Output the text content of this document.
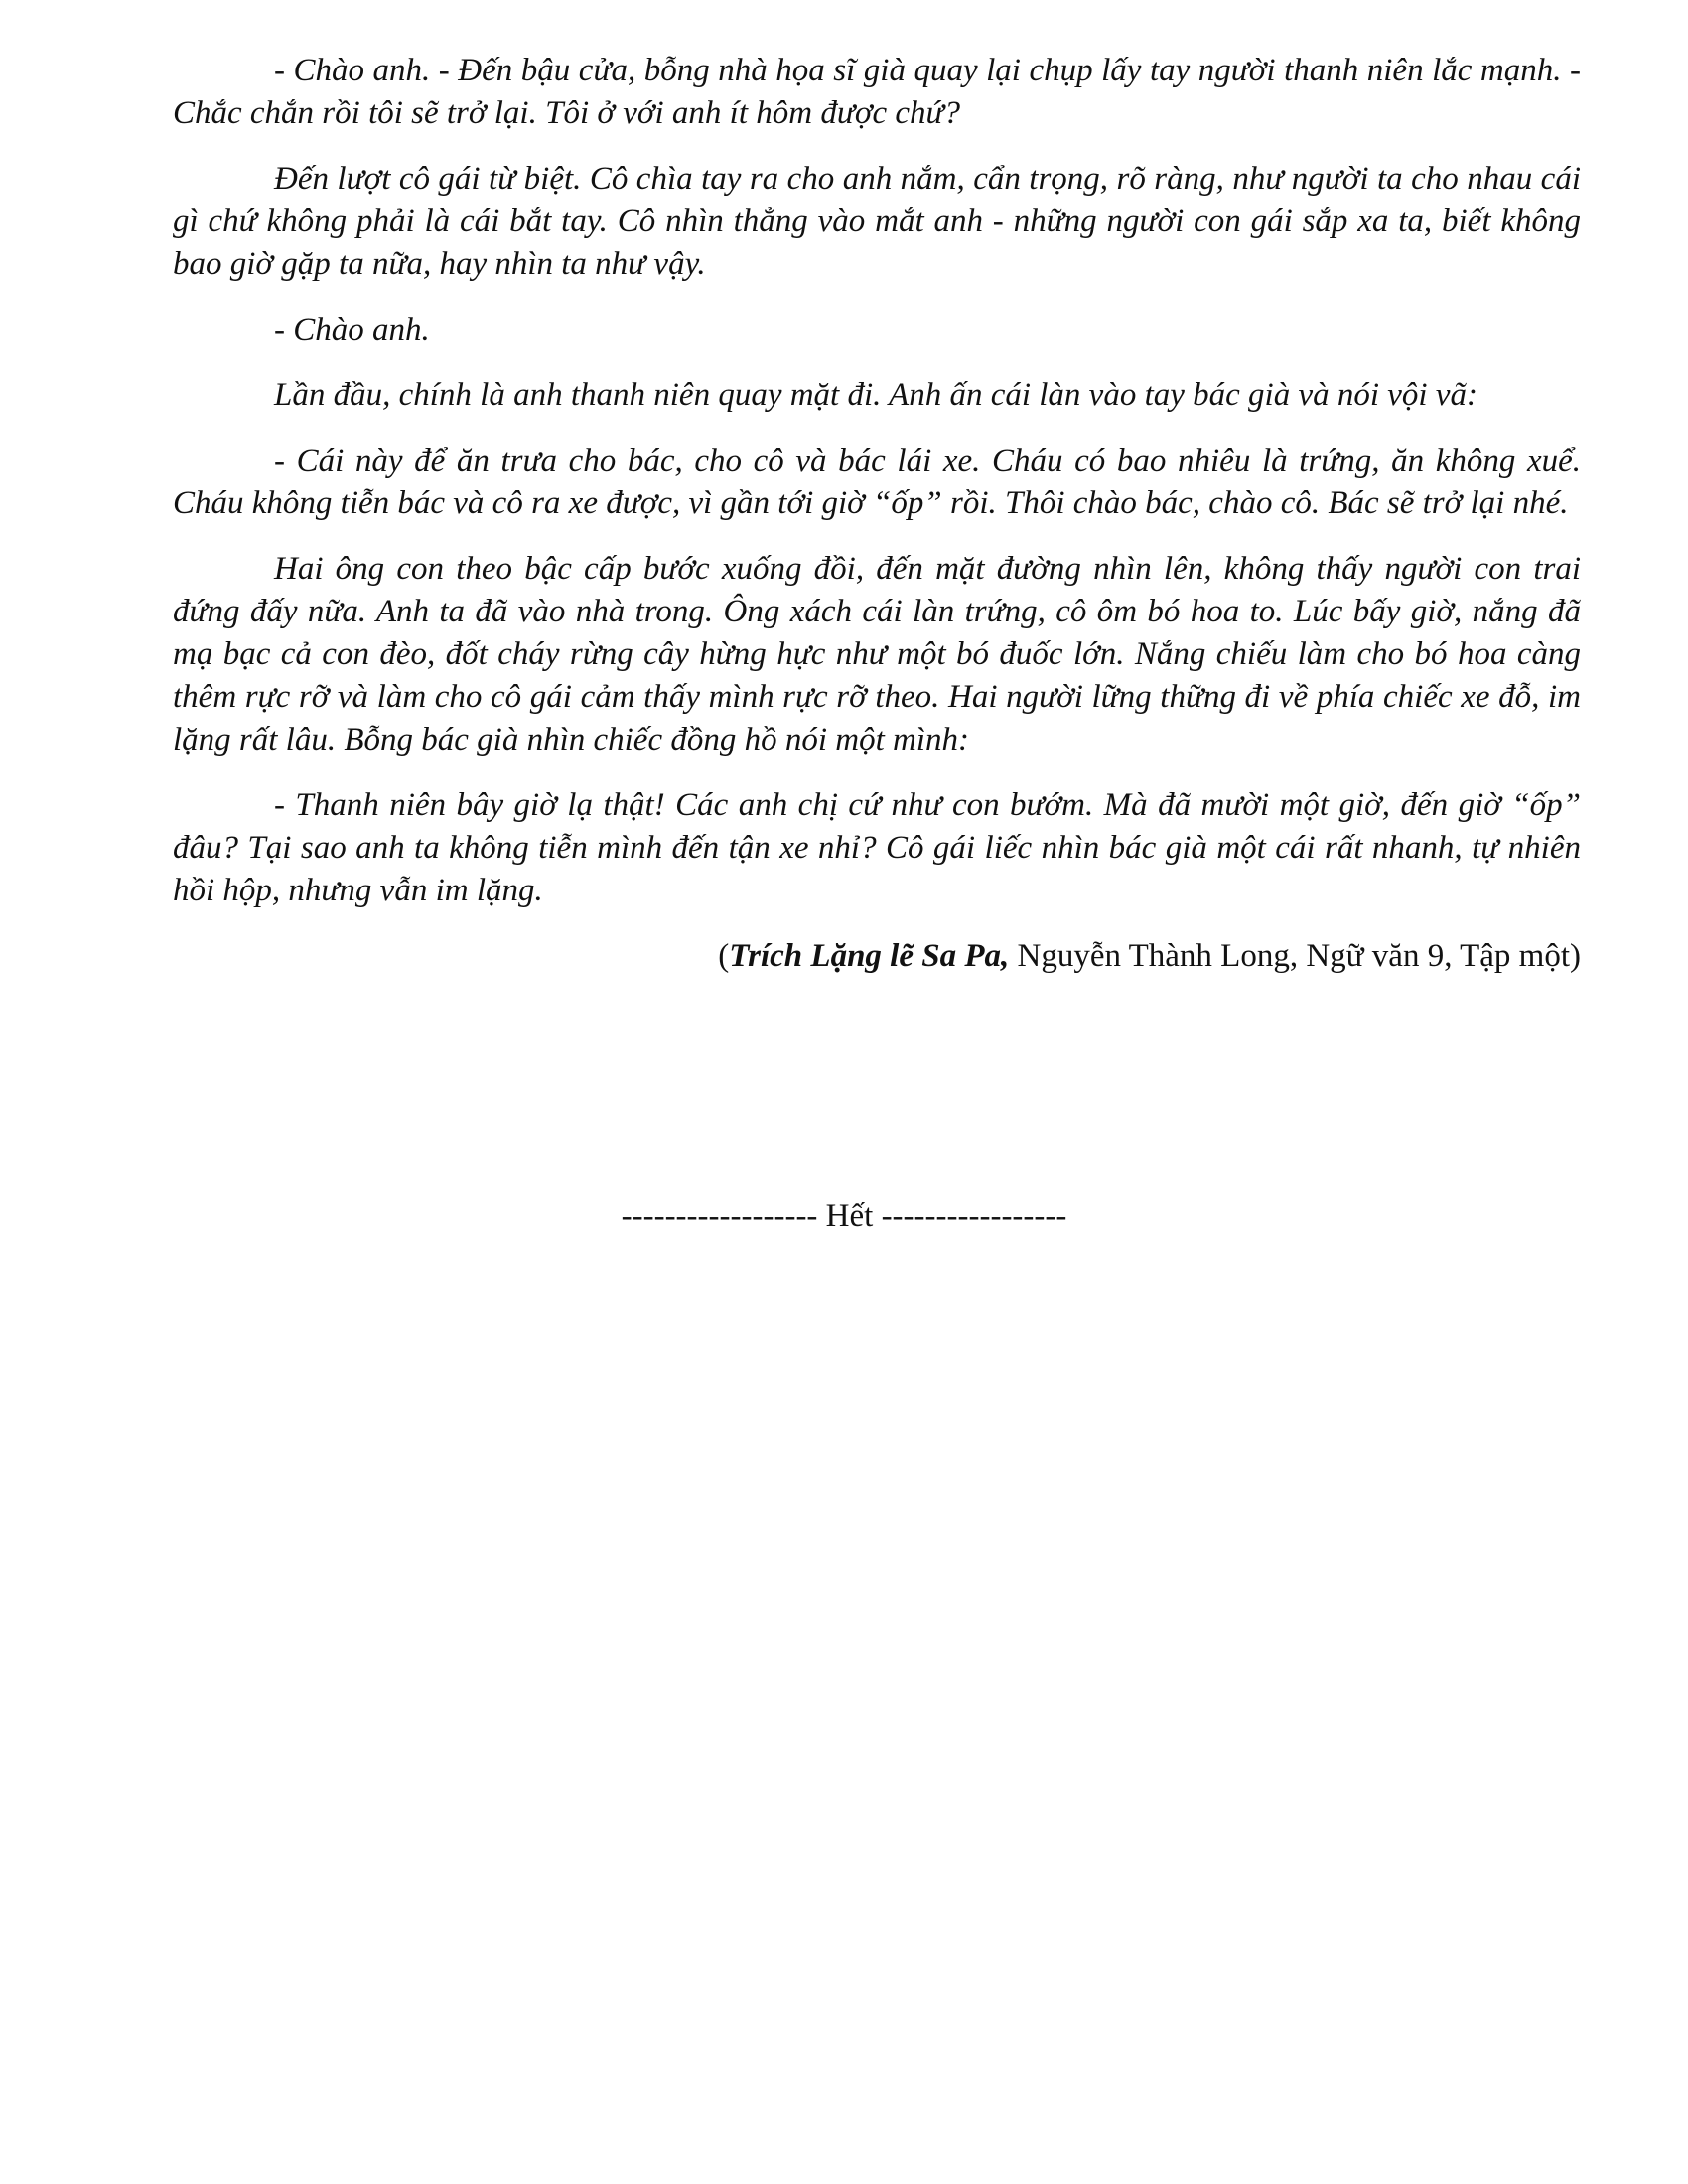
- Chào anh. - Đến bậu cửa, bỗng nhà họa sĩ già quay lại chụp lấy tay người thanh niên lắc mạnh. - Chắc chắn rồi tôi sẽ trở lại. Tôi ở với anh ít hôm được chứ?

Đến lượt cô gái từ biệt. Cô chìa tay ra cho anh nắm, cẩn trọng, rõ ràng, như người ta cho nhau cái gì chứ không phải là cái bắt tay. Cô nhìn thẳng vào mắt anh - những người con gái sắp xa ta, biết không bao giờ gặp ta nữa, hay nhìn ta như vậy.

- Chào anh.

Lần đầu, chính là anh thanh niên quay mặt đi. Anh ấn cái làn vào tay bác già và nói vội vã:

- Cái này để ăn trưa cho bác, cho cô và bác lái xe. Cháu có bao nhiêu là trứng, ăn không xuể. Cháu không tiễn bác và cô ra xe được, vì gần tới giờ “ốp” rồi. Thôi chào bác, chào cô. Bác sẽ trở lại nhé.

Hai ông con theo bậc cấp bước xuống đồi, đến mặt đường nhìn lên, không thấy người con trai đứng đấy nữa. Anh ta đã vào nhà trong. Ông xách cái làn trứng, cô ôm bó hoa to. Lúc bấy giờ, nắng đã mạ bạc cả con đèo, đốt cháy rừng cây hừng hực như một bó đuốc lớn. Nắng chiếu làm cho bó hoa càng thêm rực rỡ và làm cho cô gái cảm thấy mình rực rỡ theo. Hai người lững thững đi về phía chiếc xe đỗ, im lặng rất lâu. Bỗng bác già nhìn chiếc đồng hồ nói một mình:

- Thanh niên bây giờ lạ thật! Các anh chị cứ như con bướm. Mà đã mười một giờ, đến giờ “ốp” đâu? Tại sao anh ta không tiễn mình đến tận xe nhỉ? Cô gái liếc nhìn bác già một cái rất nhanh, tự nhiên hồi hộp, nhưng vẫn im lặng.

(Trích Lặng lẽ Sa Pa, Nguyễn Thành Long, Ngữ văn 9, Tập một)

------------------ Hết -----------------
